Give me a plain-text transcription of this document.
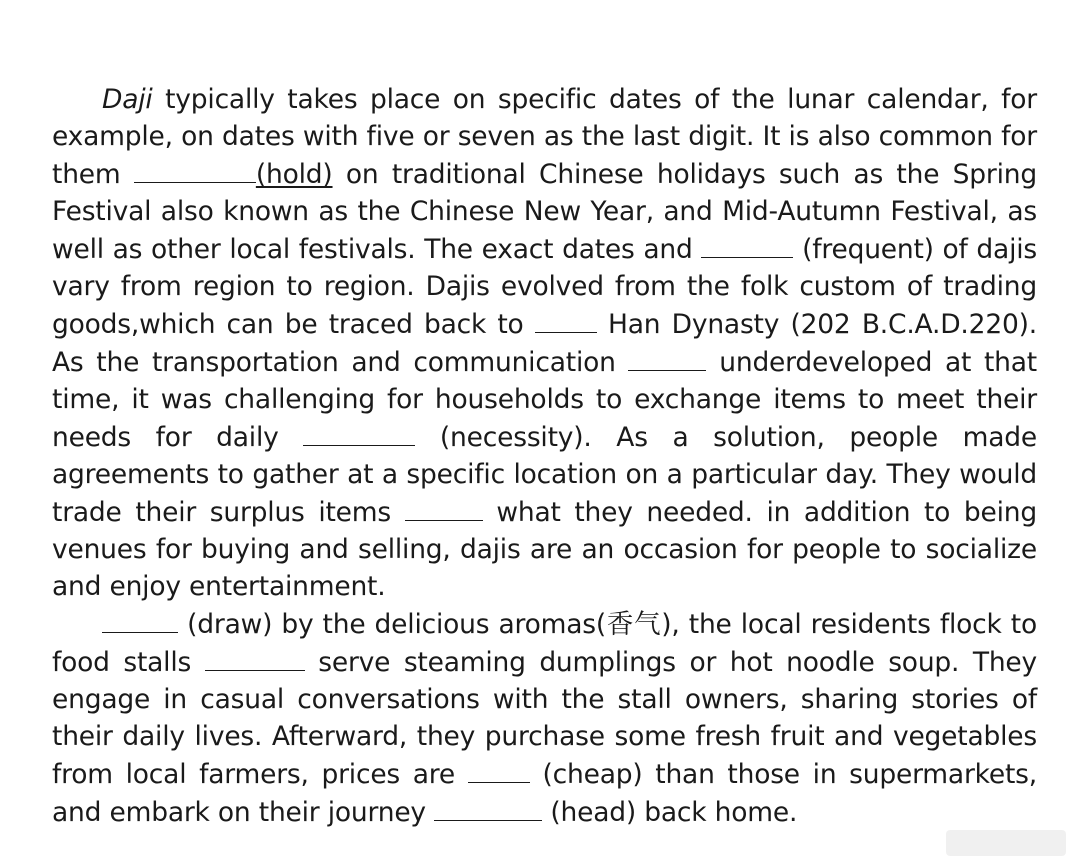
Daji typically takes place on specific dates of the lunar calendar, for example, on dates with five or seven as the last digit. It is also common for them	(hold) on traditional Chinese holidays such as the Spring Festival also known as the Chinese New Year, and Mid-Autumn Festival, as well as other local festivals. The exact dates and	(frequent) of dajis vary from region to region. Dajis evolved from the folk custom of trading goods,which can be traced back to  Han Dynasty (202 B.C.A.D.220). As the transportation and communication	underdeveloped at that time, it was challenging for households to exchange items to meet their needs for daily	(necessity). As a solution, people made agreements to gather at a specific location on a particular day. They would trade their surplus items	what they needed. in addition to being venues for buying and selling, dajis are an occasion for people to socialize and enjoy entertainment.

(draw) by the delicious aromas(香气), the local residents flock to food stalls	serve steaming dumplings or hot noodle soup. They engage in casual conversations with the stall owners, sharing stories of their daily lives. Afterward, they purchase some fresh fruit and vegetables from local farmers, prices are  (cheap) than those in supermarkets, and embark on their journey	(head) back home.
